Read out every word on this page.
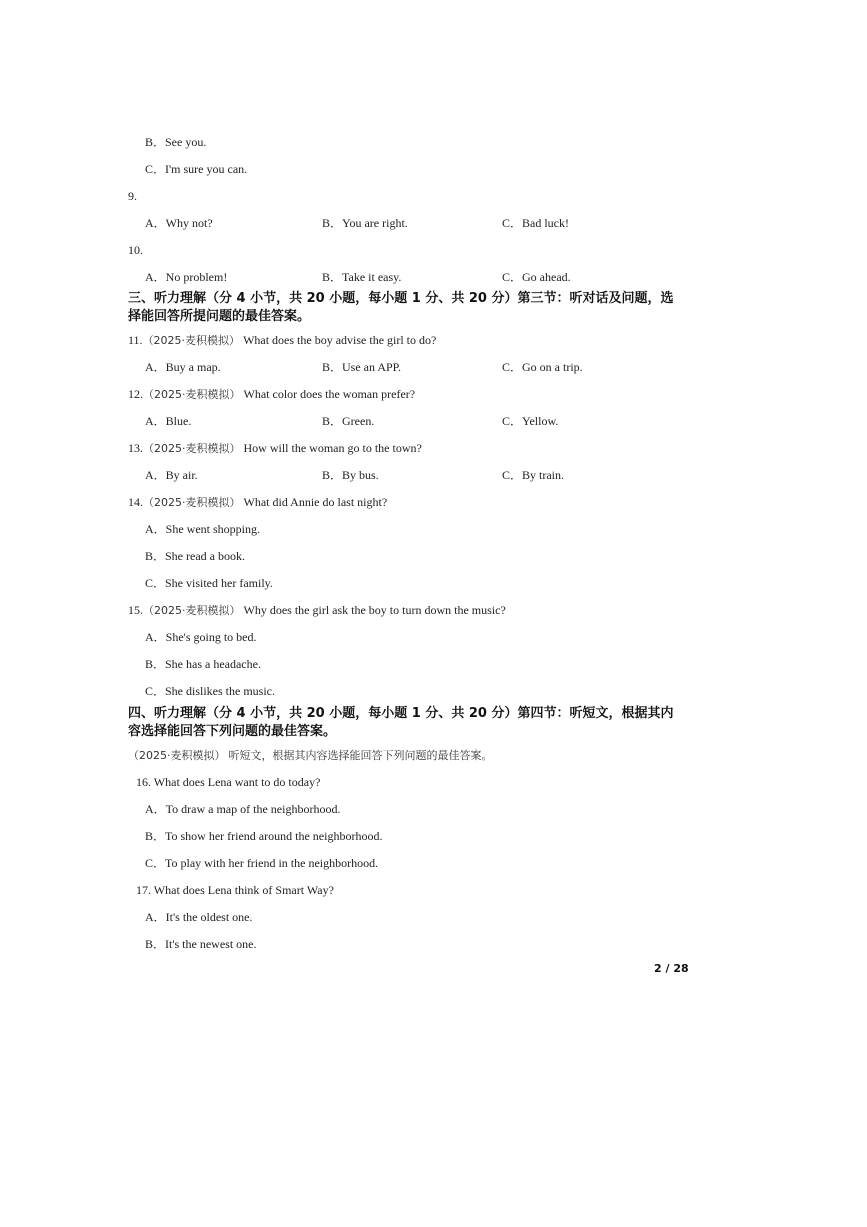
B．See you.
C．I'm sure you can.
9.
A．Why not?	B．You are right.	C．Bad luck!
10.
A．No problem!	B．Take it easy.	C．Go ahead.
三、听力理解（分 4 小节，共 20 小题，每小题 1 分、共 20 分）第三节：听对话及问题，选
择能回答所提问题的最佳答案。
11.（2025·麦积模拟） What does the boy advise the girl to do?
A．Buy a map.	B．Use an APP.	C．Go on a trip.
12.（2025·麦积模拟） What color does the woman prefer?
A．Blue.	B．Green.	C．Yellow.
13.（2025·麦积模拟） How will the woman go to the town?
A．By air.	B．By bus.	C．By train.
14.（2025·麦积模拟） What did Annie do last night?
A．She went shopping.
B．She read a book.
C．She visited her family.
15.（2025·麦积模拟） Why does the girl ask the boy to turn down the music?
A．She's going to bed.
B．She has a headache.
C．She dislikes the music.
四、听力理解（分 4 小节，共 20 小题，每小题 1 分、共 20 分）第四节：听短文，根据其内
容选择能回答下列问题的最佳答案。
（2025·麦积模拟） 听短文，根据其内容选择能回答下列问题的最佳答案。
16. What does Lena want to do today?
A．To draw a map of the neighborhood.
B．To show her friend around the neighborhood.
C．To play with her friend in the neighborhood.
17. What does Lena think of Smart Way?
A．It's the oldest one.
B．It's the newest one.
2 / 28
